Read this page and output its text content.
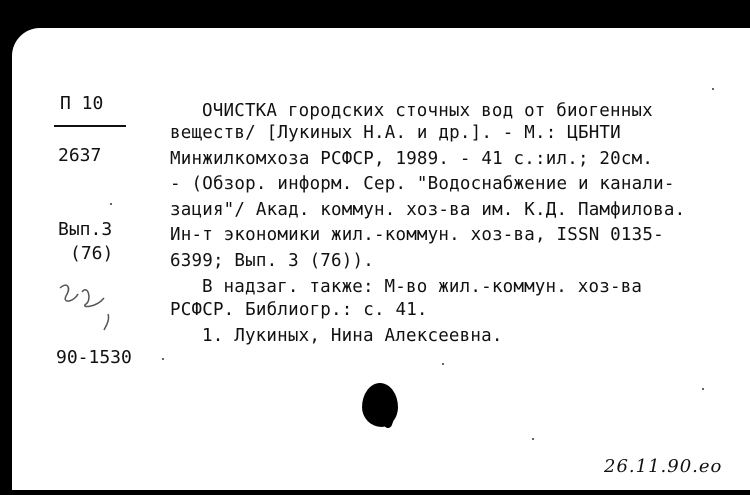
П 10
2637
Вып.3
(76)
90-1530
ОЧИСТКА городских сточных вод от биогенных
веществ/ [Лукиных Н.А. и др.]. - М.: ЦБНТИ
Минжилкомхоза РСФСР, 1989. - 41 с.:ил.; 20см.
- (Обзор. информ. Сер. "Водоснабжение и канали-
зация"/ Акад. коммун. хоз-ва им. К.Д. Памфилова.
Ин-т экономики жил.-коммун. хоз-ва, ISSN 0135-
6399; Вып. 3 (76)).
В надзаг. также: М-во жил.-коммун. хоз-ва
РСФСР. Библиогр.: с. 41.
1. Лукиных, Нина Алексеевна.
26.11.90.eo
